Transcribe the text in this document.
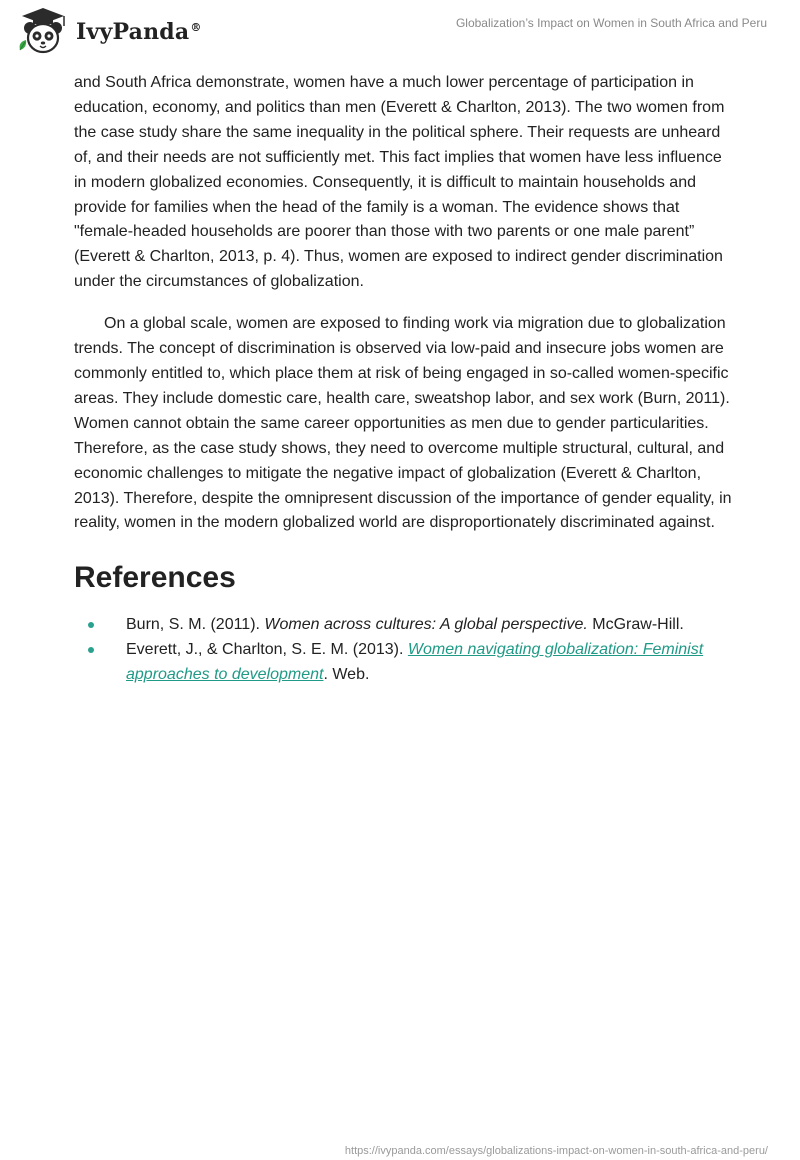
IvyPanda®	Globalization’s Impact on Women in South Africa and Peru

and South Africa demonstrate, women have a much lower percentage of participation in education, economy, and politics than men (Everett & Charlton, 2013). The two women from the case study share the same inequality in the political sphere. Their requests are unheard of, and their needs are not sufficiently met. This fact implies that women have less influence in modern globalized economies. Consequently, it is difficult to maintain households and provide for families when the head of the family is a woman. The evidence shows that "female-headed households are poorer than those with two parents or one male parent” (Everett & Charlton, 2013, p. 4). Thus, women are exposed to indirect gender discrimination under the circumstances of globalization.

On a global scale, women are exposed to finding work via migration due to globalization trends. The concept of discrimination is observed via low-paid and insecure jobs women are commonly entitled to, which place them at risk of being engaged in so-called women-specific areas. They include domestic care, health care, sweatshop labor, and sex work (Burn, 2011). Women cannot obtain the same career opportunities as men due to gender particularities. Therefore, as the case study shows, they need to overcome multiple structural, cultural, and economic challenges to mitigate the negative impact of globalization (Everett & Charlton, 2013). Therefore, despite the omnipresent discussion of the importance of gender equality, in reality, women in the modern globalized world are disproportionately discriminated against.

References
Burn, S. M. (2011). Women across cultures: A global perspective. McGraw-Hill.
Everett, J., & Charlton, S. E. M. (2013). Women navigating globalization: Feminist approaches to development. Web.
https://ivypanda.com/essays/globalizations-impact-on-women-in-south-africa-and-peru/
